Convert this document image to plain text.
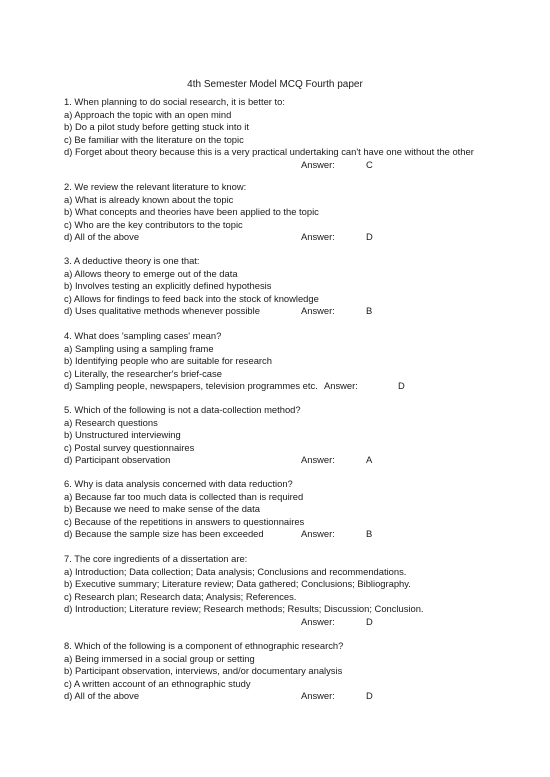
4th Semester Model MCQ Fourth paper
1. When planning to do social research, it is better to:
a) Approach the topic with an open mind
b) Do a pilot study before getting stuck into it
c) Be familiar with the literature on the topic
d) Forget about theory because this is a very practical undertaking can't have one without the other
Answer:	C
2. We review the relevant literature to know:
a) What is already known about the topic
b) What concepts and theories have been applied to the topic
c) Who are the key contributors to the topic
d) All of the above	Answer:	D
3. A deductive theory is one that:
a) Allows theory to emerge out of the data
b) Involves testing an explicitly defined hypothesis
c) Allows for findings to feed back into the stock of knowledge
d) Uses qualitative methods whenever possible	Answer:	B
4. What does 'sampling cases' mean?
a) Sampling using a sampling frame
b) Identifying people who are suitable for research
c) Literally, the researcher's brief-case
d) Sampling people, newspapers, television programmes etc. Answer:	D
5. Which of the following is not a data-collection method?
a) Research questions
b) Unstructured interviewing
c) Postal survey questionnaires
d) Participant observation	Answer:	A
6. Why is data analysis concerned with data reduction?
a) Because far too much data is collected than is required
b) Because we need to make sense of the data
c) Because of the repetitions in answers to questionnaires
d) Because the sample size has been exceeded	Answer:	B
7. The core ingredients of a dissertation are:
a) Introduction; Data collection; Data analysis; Conclusions and recommendations.
b) Executive summary; Literature review; Data gathered; Conclusions; Bibliography.
c) Research plan; Research data; Analysis; References.
d) Introduction; Literature review; Research methods; Results; Discussion; Conclusion.
Answer:	D
8. Which of the following is a component of ethnographic research?
a) Being immersed in a social group or setting
b) Participant observation, interviews, and/or documentary analysis
c) A written account of an ethnographic study
d) All of the above	Answer:	D
